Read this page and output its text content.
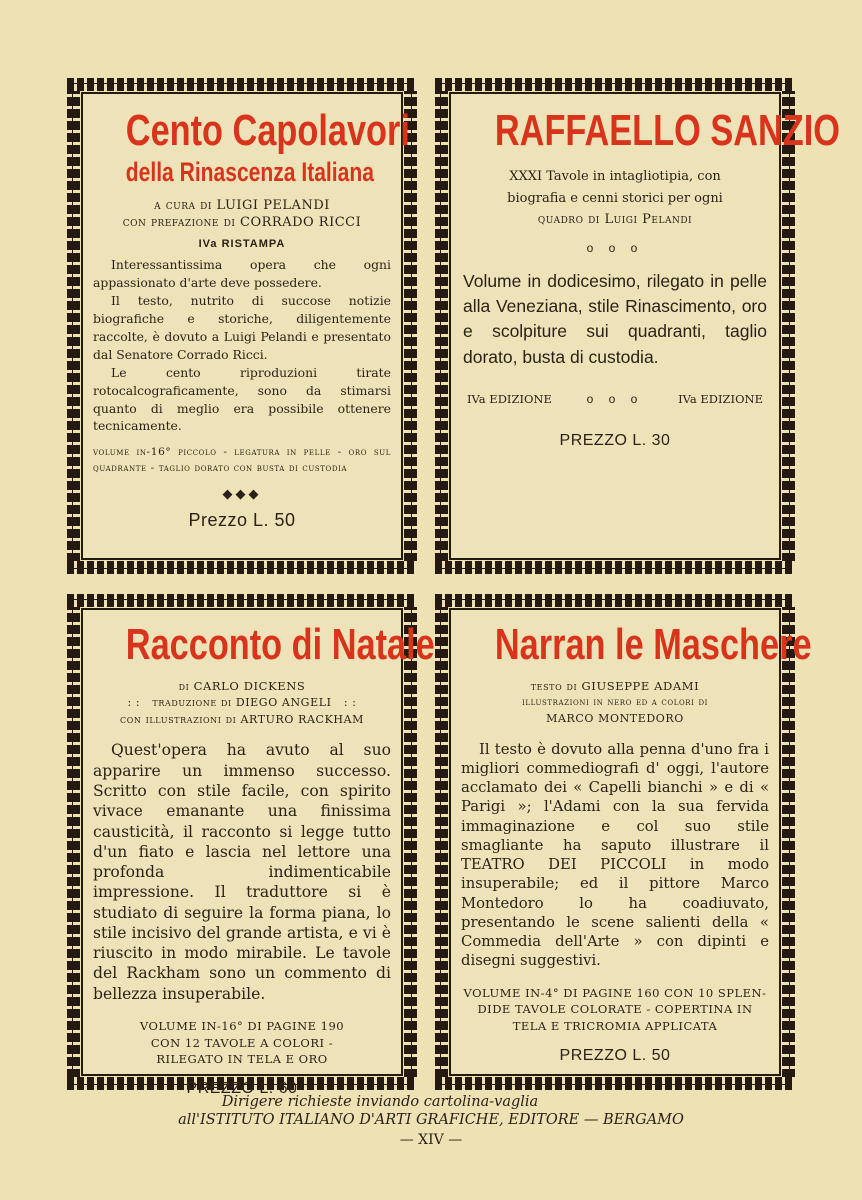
Cento Capolavori
della Rinascenza Italiana
a cura di LUIGI PELANDI
con prefazione di CORRADO RICCI
IVa RISTAMPA

Interessantissima opera che ogni appassionato d'arte deve possedere.

Il testo, nutrito di succose notizie biografiche e storiche, diligentemente raccolte, è dovuto a Luigi Pelandi e presentato dal Senatore Corrado Ricci.

Le cento riproduzioni tirate rotocalcograficamente, sono da stimarsi quanto di meglio era possibile ottenere tecnicamente.

volume in-16° piccolo - legatura in pelle - oro sul quadrante - taglio dorato con busta di custodia
◆◆◆
Prezzo L. 50
RAFFAELLO SANZIO
XXXI Tavole in intagliotipia, con
biografia e cenni storici per ogni
quadro di Luigi Pelandi
o o o

Volume in dodicesimo, rilegato in pelle alla Veneziana, stile Rinascimento, oro e scolpiture sui quadranti, taglio dorato, busta di custodia.

IVa EDIZIONE	o o o	IVa EDIZIONE
PREZZO L. 30
Racconto di Natale
di CARLO DICKENS
: :   traduzione di DIEGO ANGELI   : :
con illustrazioni di ARTURO RACKHAM

Quest'opera ha avuto al suo apparire un immenso successo. Scritto con stile facile, con spirito vivace emanante una finissima causticità, il racconto si legge tutto d'un fiato e lascia nel lettore una profonda indimenticabile impressione. Il traduttore si è studiato di seguire la forma piana, lo stile incisivo del grande artista, e vi è riuscito in modo mirabile. Le tavole del Rackham sono un commento di bellezza insuperabile.

VOLUME IN-16° DI PAGINE 190
CON 12 TAVOLE A COLORI -
RILEGATO IN TELA E ORO
PREZZO L. 60
Narran le Maschere
testo di GIUSEPPE ADAMI
illustrazioni in nero ed a colori di
MARCO MONTEDORO

Il testo è dovuto alla penna d'uno fra i migliori commediografi d' oggi, l'autore acclamato dei « Capelli bianchi » e di « Parigi »; l'Adami con la sua fervida immaginazione e col suo stile smagliante ha saputo illustrare il TEATRO DEI PICCOLI in modo insuperabile; ed il pittore Marco Montedoro lo ha coadiuvato, presentando le scene salienti della « Commedia dell'Arte » con dipinti e disegni suggestivi.

VOLUME IN-4° DI PAGINE 160 CON 10 SPLEN-
DIDE TAVOLE COLORATE - COPERTINA IN
TELA E TRICROMIA APPLICATA
PREZZO L. 50
Dirigere richieste inviando cartolina-vaglia
all'ISTITUTO ITALIANO D'ARTI GRAFICHE, EDITORE — BERGAMO
— XIV —
